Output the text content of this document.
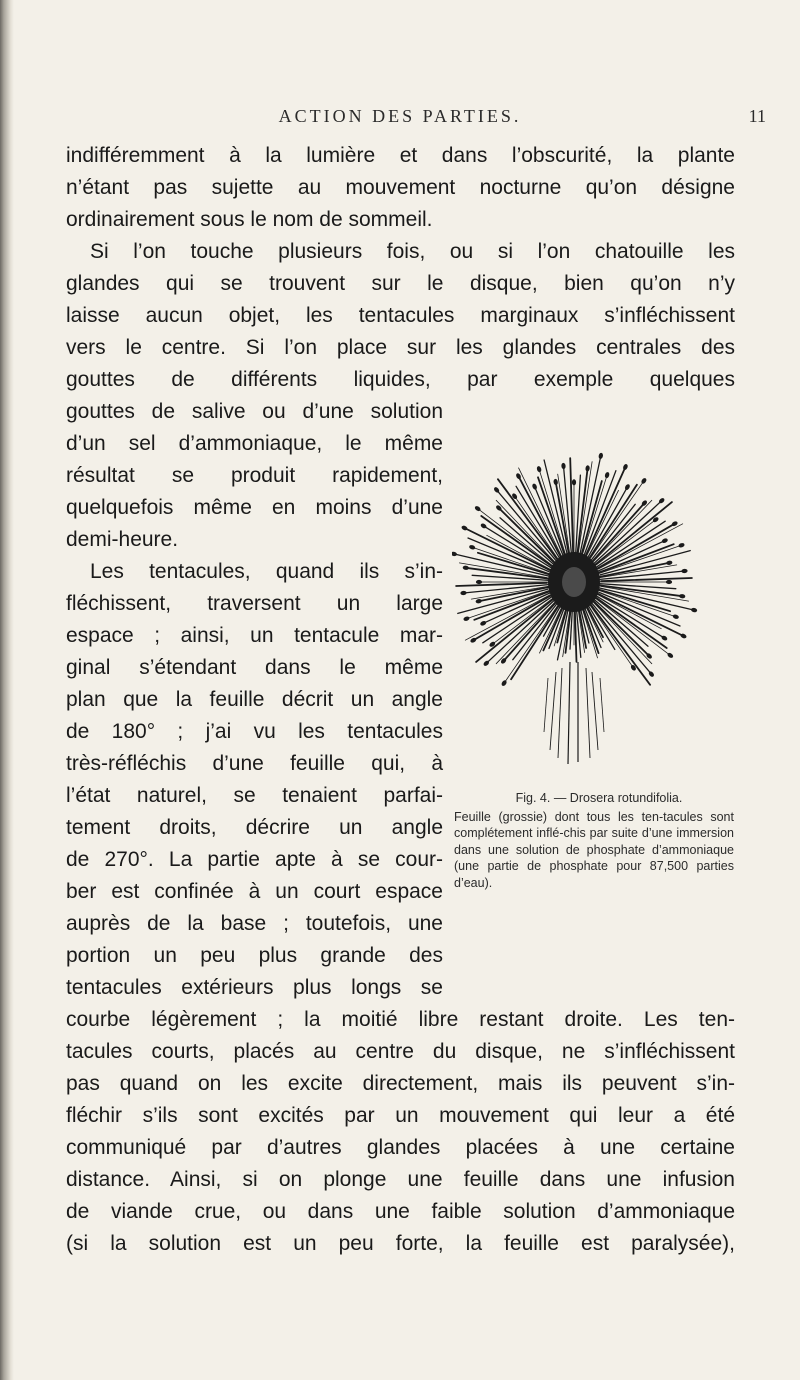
ACTION DES PARTIES.	11
indifféremment à la lumière et dans l’obscurité, la plante
n’étant pas sujette au mouvement nocturne qu’on désigne
ordinairement sous le nom de sommeil.
Si l’on touche plusieurs fois, ou si l’on chatouille les
glandes qui se trouvent sur le disque, bien qu’on n’y
laisse aucun objet, les tentacules marginaux s’infléchissent
vers le centre. Si l’on place sur les glandes centrales des
gouttes de différents liquides, par exemple quelques
gouttes de salive ou d’une solution
d’un sel d’ammoniaque, le même
résultat se produit rapidement,
quelquefois même en moins d’une
demi-heure.
Les tentacules, quand ils s’in-
fléchissent, traversent un large
espace ; ainsi, un tentacule mar-
ginal s’étendant dans le même
plan que la feuille décrit un angle
de 180° ; j’ai vu les tentacules
très-réfléchis d’une feuille qui, à
l’état naturel, se tenaient parfai-
tement droits, décrire un angle
de 270°. La partie apte à se cour-
ber est confinée à un court espace
auprès de la base ; toutefois, une
portion un peu plus grande des
tentacules extérieurs plus longs se
courbe légèrement ; la moitié libre restant droite. Les ten-
tacules courts, placés au centre du disque, ne s’infléchissent
pas quand on les excite directement, mais ils peuvent s’in-
fléchir s’ils sont excités par un mouvement qui leur a été
communiqué par d’autres glandes placées à une certaine
distance. Ainsi, si on plonge une feuille dans une infusion
de viande crue, ou dans une faible solution d’ammoniaque
(si la solution est un peu forte, la feuille est paralysée),
Fig. 4. — Drosera rotundifolia.
Feuille (grossie) dont tous les ten-tacules sont complétement inflé-chis par suite d’une immersion dans une solution de phosphate d’ammoniaque (une partie de phosphate pour 87,500 parties d’eau).
